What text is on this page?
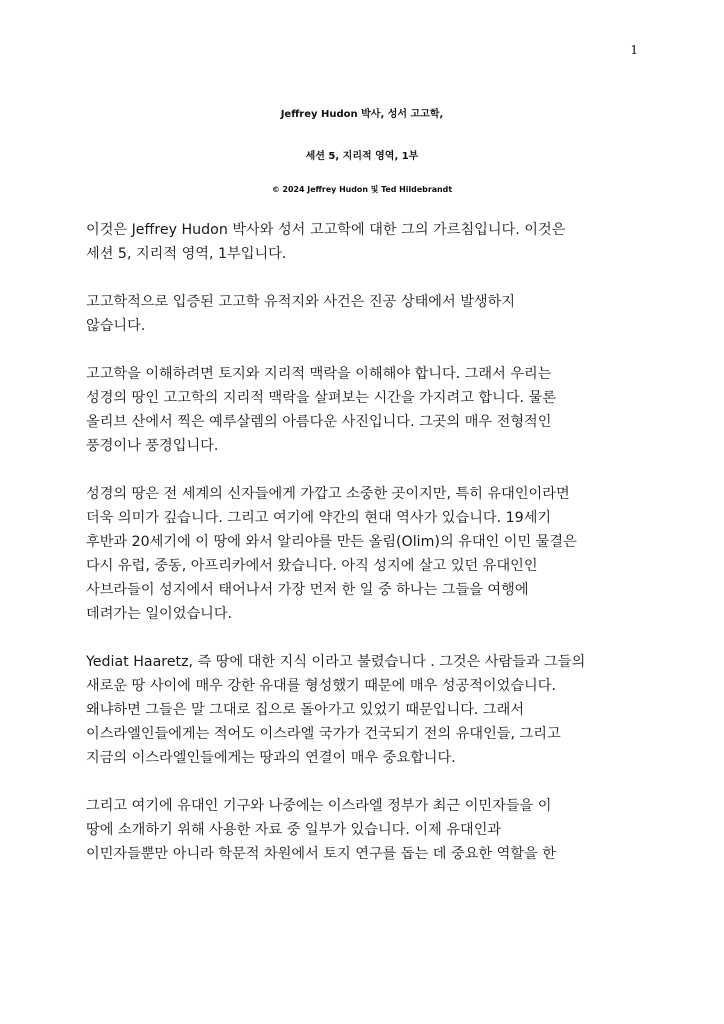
1
Jeffrey Hudon 박사, 성서 고고학,
세션 5, 지리적 영역, 1부
© 2024 Jeffrey Hudon 및 Ted Hildebrandt
이것은 Jeffrey Hudon 박사와 성서 고고학에 대한 그의 가르침입니다. 이것은
세션 5, 지리적 영역, 1부입니다.
고고학적으로 입증된 고고학 유적지와 사건은 진공 상태에서 발생하지
않습니다.
고고학을 이해하려면 토지와 지리적 맥락을 이해해야 합니다. 그래서 우리는
성경의 땅인 고고학의 지리적 맥락을 살펴보는 시간을 가지려고 합니다. 물론
올리브 산에서 찍은 예루살렘의 아름다운 사진입니다. 그곳의 매우 전형적인
풍경이나 풍경입니다.
성경의 땅은 전 세계의 신자들에게 가깝고 소중한 곳이지만, 특히 유대인이라면
더욱 의미가 깊습니다. 그리고 여기에 약간의 현대 역사가 있습니다. 19세기
후반과 20세기에 이 땅에 와서 알리야를 만든 올림(Olim)의 유대인 이민 물결은
다시 유럽, 중동, 아프리카에서 왔습니다. 아직 성지에 살고 있던 유대인인
사브라들이 성지에서 태어나서 가장 먼저 한 일 중 하나는 그들을 여행에
데려가는 일이었습니다.
Yediat Haaretz, 즉 땅에 대한 지식 이라고 불렸습니다 . 그것은 사람들과 그들의
새로운 땅 사이에 매우 강한 유대를 형성했기 때문에 매우 성공적이었습니다.
왜냐하면 그들은 말 그대로 집으로 돌아가고 있었기 때문입니다. 그래서
이스라엘인들에게는 적어도 이스라엘 국가가 건국되기 전의 유대인들, 그리고
지금의 이스라엘인들에게는 땅과의 연결이 매우 중요합니다.
그리고 여기에 유대인 기구와 나중에는 이스라엘 정부가 최근 이민자들을 이
땅에 소개하기 위해 사용한 자료 중 일부가 있습니다. 이제 유대인과
이민자들뿐만 아니라 학문적 차원에서 토지 연구를 돕는 데 중요한 역할을 한
